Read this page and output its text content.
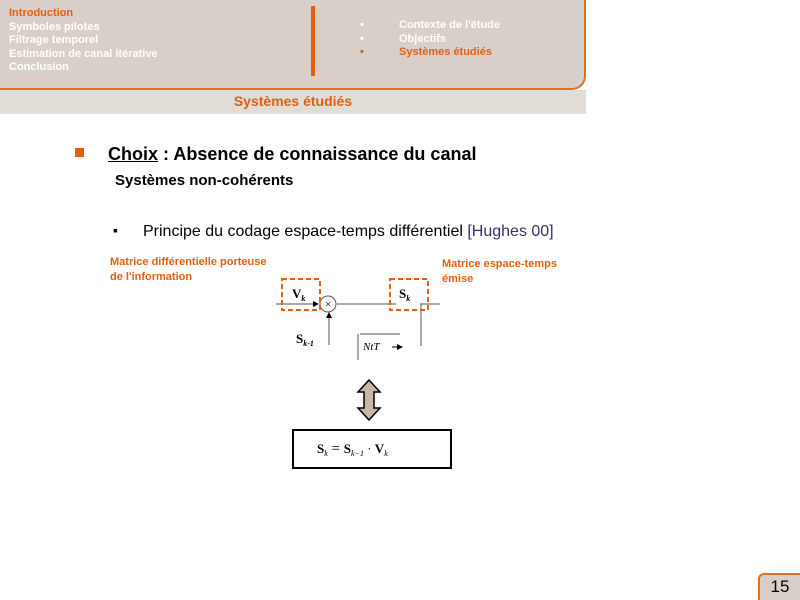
Introduction
Symboles pilotes
Filtrage temporel
Estimation de canal itérative
Conclusion
•	Contexte de l'étude
•	Objectifs
•	Systèmes étudiés
Systèmes étudiés
Choix : Absence de connaissance du canal
Systèmes non-cohérents
▪ Principe du codage espace-temps différentiel [Hughes 00]
Matrice différentielle porteuse
de l'information
Matrice espace-temps
émise
×
$V_k$	$S_k$
$S_{k-1}$	NtT
$S_k = S_{k-1} \cdot V_k$
15
